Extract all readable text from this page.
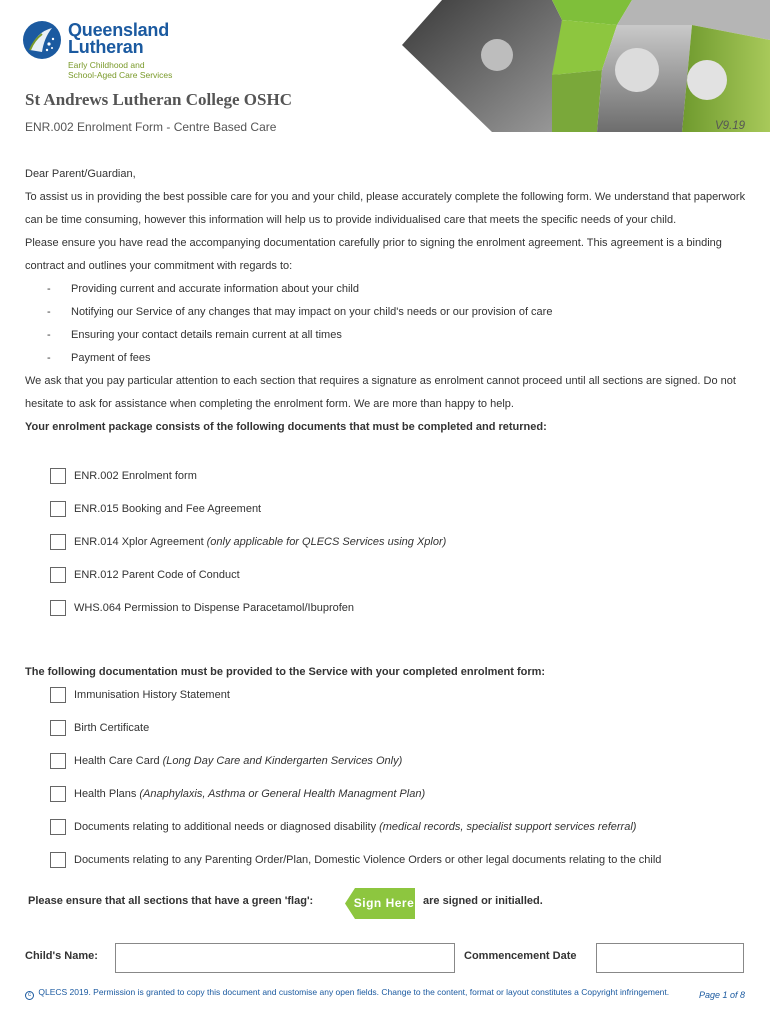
Queensland
Lutheran
Early Childhood and
School-Aged Care Services
St Andrews Lutheran College OSHC
ENR.002 Enrolment Form - Centre Based Care	V9.19

Dear Parent/Guardian,

To assist us in providing the best possible care for you and your child, please accurately complete the following form. We understand that paperwork can be time consuming, however this information will help us to provide individualised care that meets the specific needs of your child.

Please ensure you have read the accompanying documentation carefully prior to signing the enrolment agreement. This agreement is a binding contract and outlines your commitment with regards to:

- Providing current and accurate information about your child
- Notifying our Service of any changes that may impact on your child's needs or our provision of care
- Ensuring your contact details remain current at all times
- Payment of fees

We ask that you pay particular attention to each section that requires a signature as enrolment cannot proceed until all sections are signed. Do not hesitate to ask for assistance when completing the enrolment form. We are more than happy to help.

Your enrolment package consists of the following documents that must be completed and returned:

ENR.002 Enrolment form
ENR.015 Booking and Fee Agreement
ENR.014 Xplor Agreement (only applicable for QLECS Services using Xplor)
ENR.012 Parent Code of Conduct
WHS.064 Permission to Dispense Paracetamol/Ibuprofen
The following documentation must be provided to the Service with your completed enrolment form:
Immunisation History Statement
Birth Certificate
Health Care Card (Long Day Care and Kindergarten Services Only)
Health Plans (Anaphylaxis, Asthma or General Health Managment Plan)
Documents relating to additional needs or diagnosed disability (medical records, specialist support services referral)
Documents relating to any Parenting Order/Plan, Domestic Violence Orders or other legal documents relating to the child
Please ensure that all sections that have a green 'flag':	Sign Here are signed or initialled.
Child's Name:	Commencement Date
c QLECS 2019. Permission is granted to copy this document and customise any open fields. Change to the content, format or layout constitutes a Copyright infringement.	Page 1 of 8
